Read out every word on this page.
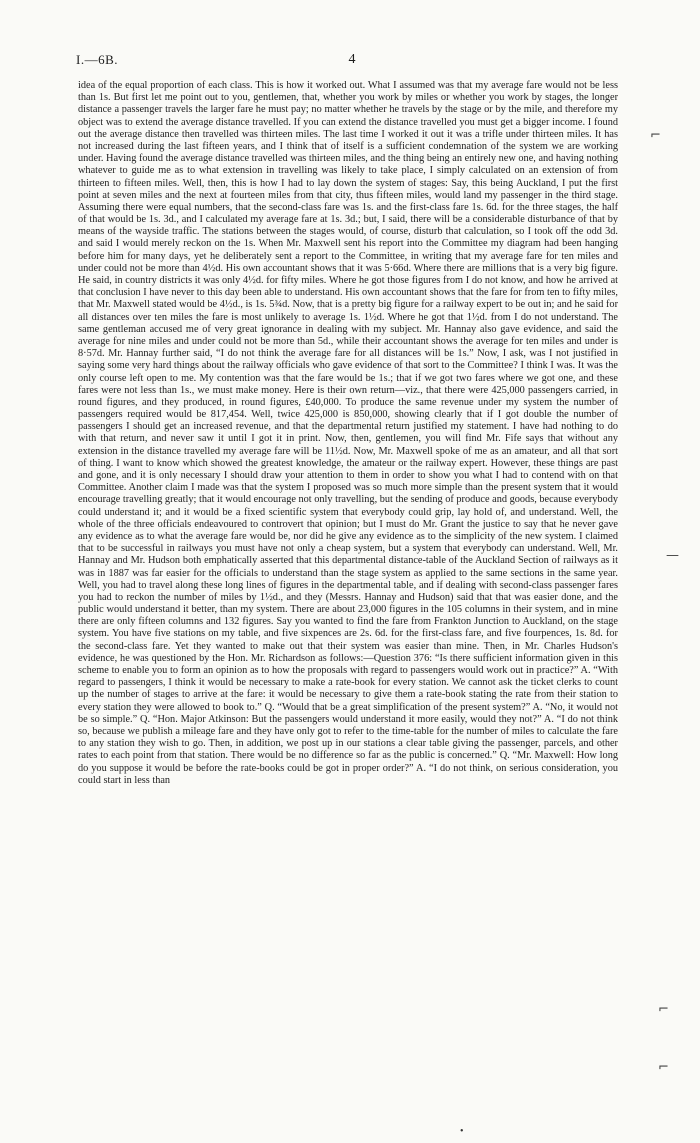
I.—6B.	4

idea of the equal proportion of each class. This is how it worked out. What I assumed was that my average fare would not be less than 1s. But first let me point out to you, gentlemen, that, whether you work by miles or whether you work by stages, the longer distance a passenger travels the larger fare he must pay; no matter whether he travels by the stage or by the mile, and therefore my object was to extend the average distance travelled. If you can extend the distance travelled you must get a bigger income. I found out the average distance then travelled was thirteen miles. The last time I worked it out it was a trifle under thirteen miles. It has not increased during the last fifteen years, and I think that of itself is a sufficient condemnation of the system we are working under. Having found the average distance travelled was thirteen miles, and the thing being an entirely new one, and having nothing whatever to guide me as to what extension in travelling was likely to take place, I simply calculated on an extension of from thirteen to fifteen miles. Well, then, this is how I had to lay down the system of stages: Say, this being Auckland, I put the first point at seven miles and the next at fourteen miles from that city, thus fifteen miles, would land my passenger in the third stage. Assuming there were equal numbers, that the second-class fare was 1s. and the first-class fare 1s. 6d. for the three stages, the half of that would be 1s. 3d., and I calculated my average fare at 1s. 3d.; but, I said, there will be a considerable disturbance of that by means of the wayside traffic. The stations between the stages would, of course, disturb that calculation, so I took off the odd 3d. and said I would merely reckon on the 1s. When Mr. Maxwell sent his report into the Committee my diagram had been hanging before him for many days, yet he deliberately sent a report to the Committee, in writing that my average fare for ten miles and under could not be more than 4½d. His own accountant shows that it was 5·66d. Where there are millions that is a very big figure. He said, in country districts it was only 4½d. for fifty miles. Where he got those figures from I do not know, and how he arrived at that conclusion I have never to this day been able to understand. His own accountant shows that the fare for from ten to fifty miles, that Mr. Maxwell stated would be 4½d., is 1s. 5¾d. Now, that is a pretty big figure for a railway expert to be out in; and he said for all distances over ten miles the fare is most unlikely to average 1s. 1½d. Where he got that 1½d. from I do not understand. The same gentleman accused me of very great ignorance in dealing with my subject. Mr. Hannay also gave evidence, and said the average for nine miles and under could not be more than 5d., while their accountant shows the average for ten miles and under is 8·57d. Mr. Hannay further said, “I do not think the average fare for all distances will be 1s.” Now, I ask, was I not justified in saying some very hard things about the railway officials who gave evidence of that sort to the Committee? I think I was. It was the only course left open to me. My contention was that the fare would be 1s.; that if we got two fares where we got one, and these fares were not less than 1s., we must make money. Here is their own return—viz., that there were 425,000 passengers carried, in round figures, and they produced, in round figures, £40,000. To produce the same revenue under my system the number of passengers required would be 817,454. Well, twice 425,000 is 850,000, showing clearly that if I got double the number of passengers I should get an increased revenue, and that the departmental return justified my statement. I have had nothing to do with that return, and never saw it until I got it in print. Now, then, gentlemen, you will find Mr. Fife says that without any extension in the distance travelled my average fare will be 11½d. Now, Mr. Maxwell spoke of me as an amateur, and all that sort of thing. I want to know which showed the greatest knowledge, the amateur or the railway expert. However, these things are past and gone, and it is only necessary I should draw your attention to them in order to show you what I had to contend with on that Committee. Another claim I made was that the system I proposed was so much more simple than the present system that it would encourage travelling greatly; that it would encourage not only travelling, but the sending of produce and goods, because everybody could understand it; and it would be a fixed scientific system that everybody could grip, lay hold of, and understand. Well, the whole of the three officials endeavoured to controvert that opinion; but I must do Mr. Grant the justice to say that he never gave any evidence as to what the average fare would be, nor did he give any evidence as to the simplicity of the new system. I claimed that to be successful in railways you must have not only a cheap system, but a system that everybody can understand. Well, Mr. Hannay and Mr. Hudson both emphatically asserted that this departmental distance-table of the Auckland Section of railways as it was in 1887 was far easier for the officials to understand than the stage system as applied to the same sections in the same year. Well, you had to travel along these long lines of figures in the departmental table, and if dealing with second-class passenger fares you had to reckon the number of miles by 1½d., and they (Messrs. Hannay and Hudson) said that that was easier done, and the public would understand it better, than my system. There are about 23,000 figures in the 105 columns in their system, and in mine there are only fifteen columns and 132 figures. Say you wanted to find the fare from Frankton Junction to Auckland, on the stage system. You have five stations on my table, and five sixpences are 2s. 6d. for the first-class fare, and five fourpences, 1s. 8d. for the second-class fare. Yet they wanted to make out that their system was easier than mine. Then, in Mr. Charles Hudson's evidence, he was questioned by the Hon. Mr. Richardson as follows:—Question 376: “Is there sufficient information given in this scheme to enable you to form an opinion as to how the proposals with regard to passengers would work out in practice?” A. “With regard to passengers, I think it would be necessary to make a rate-book for every station. We cannot ask the ticket clerks to count up the number of stages to arrive at the fare: it would be necessary to give them a rate-book stating the rate from their station to every station they were allowed to book to.” Q. “Would that be a great simplification of the present system?” A. “No, it would not be so simple.” Q. “Hon. Major Atkinson: But the passengers would understand it more easily, would they not?” A. “I do not think so, because we publish a mileage fare and they have only got to refer to the time-table for the number of miles to calculate the fare to any station they wish to go. Then, in addition, we post up in our stations a clear table giving the passenger, parcels, and other rates to each point from that station. There would be no difference so far as the public is concerned.” Q. “Mr. Maxwell: How long do you suppose it would be before the rate-books could be got in proper order?” A. “I do not think, on serious consideration, you could start in less than

⌐
—
⌐
⌐
•
